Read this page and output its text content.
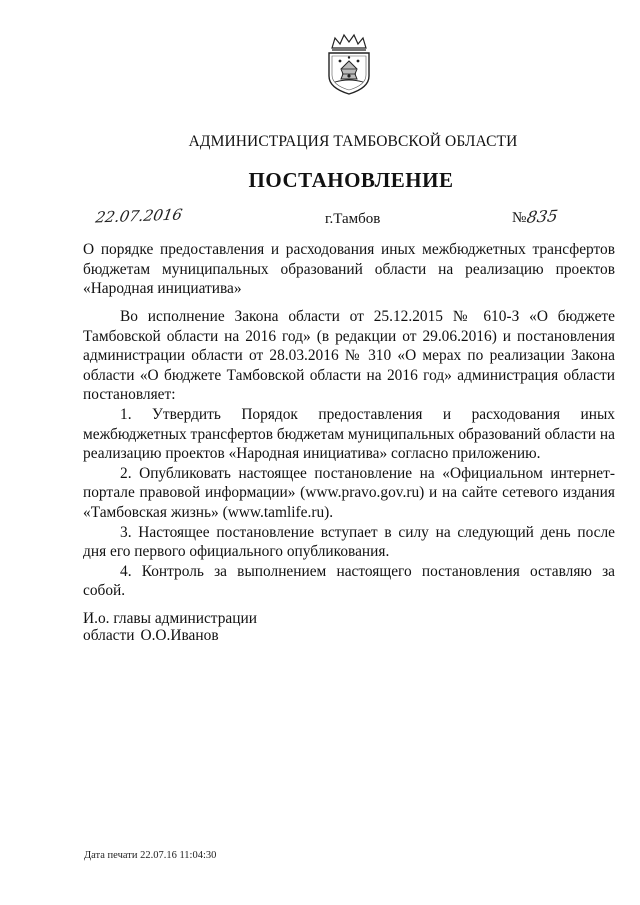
АДМИНИСТРАЦИЯ ТАМБОВСКОЙ ОБЛАСТИ
ПОСТАНОВЛЕНИЕ
22.07.2016	г.Тамбов	№835
О порядке предоставления и расходования иных межбюджетных трансфертов бюджетам муниципальных образований области на реализацию проектов «Народная инициатива»

Во исполнение Закона области от 25.12.2015 № 610-З «О бюджете Тамбовской области на 2016 год» (в редакции от 29.06.2016) и постановления администрации области от 28.03.2016 № 310 «О мерах по реализации Закона области «О бюджете Тамбовской области на 2016 год» администрация области постановляет:

1. Утвердить Порядок предоставления и расходования иных межбюджетных трансфертов бюджетам муниципальных образований области на реализацию проектов «Народная инициатива» согласно приложению.

2. Опубликовать настоящее постановление на «Официальном интернет-портале правовой информации» (www.pravo.gov.ru) и на сайте сетевого издания «Тамбовская жизнь» (www.tamlife.ru).

3. Настоящее постановление вступает в силу на следующий день после дня его первого официального опубликования.

4. Контроль за выполнением настоящего постановления оставляю за собой.

И.о. главы администрации
области О.О.Иванов
Дата печати 22.07.16 11:04:30
